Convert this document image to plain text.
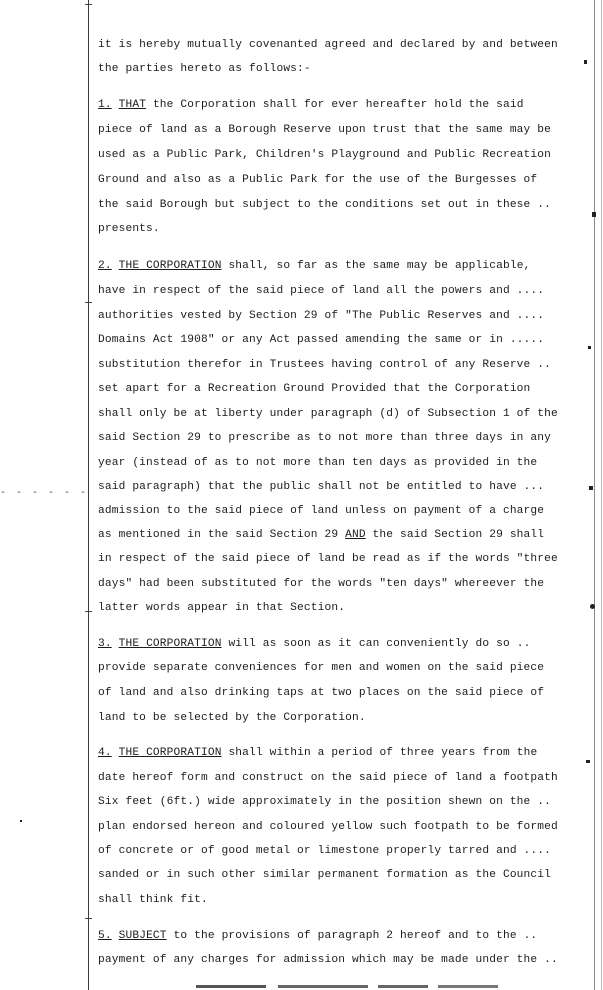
- - - - - -
it is hereby mutually covenanted agreed and declared by and between
the parties hereto as follows:-
1. THAT the Corporation shall for ever hereafter hold the said
piece of land as a Borough Reserve upon trust that the same may be
used as a Public Park, Children's Playground and Public Recreation
Ground and also as a Public Park for the use of the Burgesses of
the said Borough but subject to the conditions set out in these ..
presents.
2. THE CORPORATION shall, so far as the same may be applicable,
have in respect of the said piece of land all the powers and ....
authorities vested by Section 29 of "The Public Reserves and ....
Domains Act 1908" or any Act passed amending the same or in .....
substitution therefor in Trustees having control of any Reserve ..
set apart for a Recreation Ground Provided that the Corporation
shall only be at liberty under paragraph (d) of Subsection 1 of the
said Section 29 to prescribe as to not more than three days in any
year (instead of as to not more than ten days as provided in the
said paragraph) that the public shall not be entitled to have ...
admission to the said piece of land unless on payment of a charge
as mentioned in the said Section 29 AND the said Section 29 shall
in respect of the said piece of land be read as if the words "three
days" had been substituted for the words "ten days" whereever the
latter words appear in that Section.
3. THE CORPORATION will as soon as it can conveniently do so ..
provide separate conveniences for men and women on the said piece
of land and also drinking taps at two places on the said piece of
land to be selected by the Corporation.
4. THE CORPORATION shall within a period of three years from the
date hereof form and construct on the said piece of land a footpath
Six feet (6ft.) wide approximately in the position shewn on the ..
plan endorsed hereon and coloured yellow such footpath to be formed
of concrete or of good metal or limestone properly tarred and ....
sanded or in such other similar permanent formation as the Council
shall think fit.
5. SUBJECT to the provisions of paragraph 2 hereof and to the ..
payment of any charges for admission which may be made under the ..
